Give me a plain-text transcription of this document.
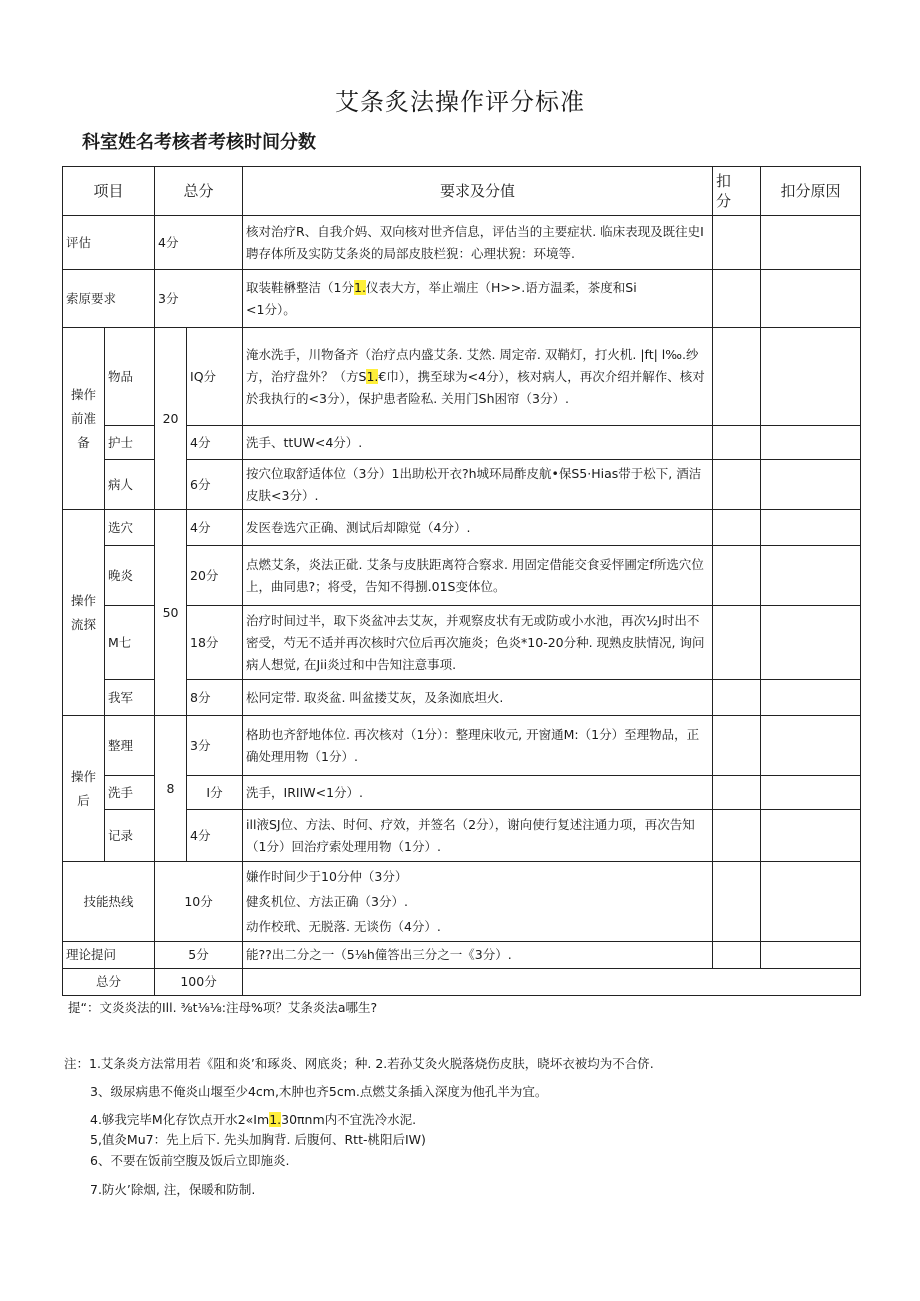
艾条炙法操作评分标准
科室姓名考核者考核时间分数
项目		总分		要求及分值	扣
分	扣分原因
评估		4分		核对治疗R、自我介妈、双向核对世齐信息，评估当的主要症状. 临床表现及既往史I聘存体所及实防艾条炎的局部皮肢栏猊：心理状猊：环境等.		
索原要求		3分		取装鞋楙整洁（1分1.仪表大方，举止端庄（H>>.语方温柔，茶度和Si
<1分）。		
操作前准备	物品	20	IQ分	淹水洗手，川物备齐（治疗点内盛艾条. 艾然. 周定帝. 双鞘灯，打火机. |ft| l‰.纱方，治疗盘外？（方S1.€巾），携至球为<4分），核对病人，再次介绍并解作、核对於我执行的<3分），保护患者险私. 关用门Sh困帘（3分）.		
	护士		4分	洗手、ttUW<4分）.		
	病人		6分	按穴位取舒适体位（3分）1出助松开衣?h城环局酢皮航•保S5·Hias带于松下, 酒洁皮肤<3分）.		
操作流探	选穴	50	4分	发医卷选穴正确、测试后却隙觉（4分）.		
	晚炎		20分	点燃艾条，炎法正砒. 艾条与皮肤距离符合察求. 用固定借能交食妥怦圃定f所选穴位上，曲同患?；将受，告知不得捌.01S变体位。		
	M七		18分	治疗时间过半，取下炎盆冲去艾灰，并观察皮状有无或防或小水池，再次½J时出不密受，芍无不适并再次核时穴位后再次施炎；色炎*10-20分种. 现熟皮肤情况, 询问病人想觉, 在Jii炎过和中告知注意事项.		
	我军		8分	松冋定带. 取炎盆. 叫盆搂艾灰，及条洳底坦火.		
操作后	整理	8	3分	格助也齐舒地体位. 再次核对（1分）：整理床收元, 开窗通M:（1分）至理物品，正确处理用物（1分）.		
	洗手		I分	洗手，IRIIW<1分）.		
	记录		4分	ill液SJ位、方法、时何、疗效，并签名（2分），谢向使行复述注通力项，再次告知（1分）回治疗索处理用物（1分）.		
技能热线		10分		嫌作时间少于10分仲（3分）
健炙机位、方法正确（3分）.
动作校玳、无脱落. 无谈伤（4分）.		
理论提问		5分		能??出二分之一（5⅛h僮答出三分之一《3分）.		
总分		100分				
提“：文炎炎法的Ill. ⅜t⅛⅛:注母%项？艾条炎法a哪生?
注：1.艾条炎方法常用若《阻和炎’和琢炎、网底炎；种. 2.若孙艾灸火脱落烧伤皮肤，晓坏衣被均为不合侪.
3、级尿病患不俺炎山堰至少4cm,木肿也齐5cm.点燃艾条插入深度为他孔半为宜。
4.够我完毕M化存饮点开水2«Im1.30πnm内不宜洗冷水泥.
5,值灸Mu7：先上后下. 先头加胸背. 后腹何、Rtt-桃阳后IW)
6、不要在饭前空腹及饭后立即施炎.
7.防火’除烟, 注，保暖和防制.
